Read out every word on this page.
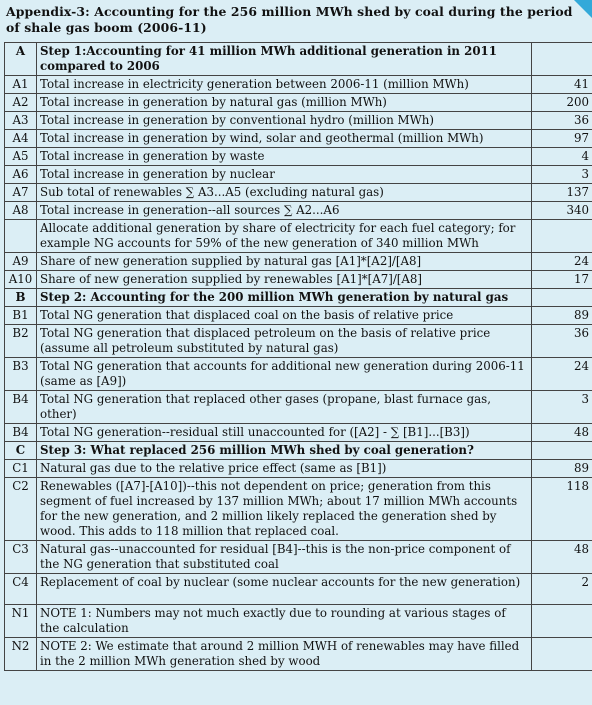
Appendix-3: Accounting for the 256 million MWh shed by coal during the period of shale gas boom (2006-11)
A	Step 1:Accounting for 41 million MWh additional generation in 2011 compared to 2006	
A1	Total increase in electricity generation between 2006-11 (million MWh)	41
A2	Total increase in generation by natural gas (million MWh)	200
A3	Total increase in generation by conventional hydro (million MWh)	36
A4	Total increase in generation by wind, solar and geothermal (million MWh)	97
A5	Total increase in generation by waste	4
A6	Total increase in generation by nuclear	3
A7	Sub total of renewables ∑ A3...A5 (excluding natural gas)	137
A8	Total increase in generation--all sources ∑ A2...A6	340
	Allocate additional generation by share of electricity for each fuel category; for example NG accounts for 59% of the new generation of 340 million MWh	
A9	Share of new generation supplied by natural gas [A1]*[A2]/[A8]	24
A10	Share of new generation supplied by renewables [A1]*[A7]/[A8]	17
B	Step 2: Accounting for the 200 million MWh generation by natural gas	
B1	Total NG generation that displaced coal on the basis of relative price	89
B2	Total NG generation that displaced petroleum on the basis of relative price (assume all petroleum substituted by natural gas)	36
B3	Total NG generation that accounts for additional new generation during 2006-11 (same as [A9])	24
B4	Total NG generation that replaced other gases (propane, blast furnace gas, other)	3
B4	Total NG generation--residual still unaccounted for ([A2] - ∑ [B1]...[B3])	48
C	Step 3: What replaced 256 million MWh shed by coal generation?	
C1	Natural gas due to the relative price effect (same as [B1])	89
C2	Renewables ([A7]-[A10])--this not dependent on price; generation from this segment of fuel increased by 137 million MWh; about 17 million MWh accounts for the new generation, and 2 million likely replaced the generation shed by wood. This adds to 118 million that replaced coal.	118
C3	Natural gas--unaccounted for residual [B4]--this is the non-price component of the NG generation that substituted coal	48
C4	Replacement of coal by nuclear (some nuclear accounts for the new generation)	2
N1	NOTE 1: Numbers may not much exactly due to rounding at various stages of the calculation	
N2	NOTE 2: We estimate that around 2 million MWH of renewables may have filled in the 2 million MWh generation shed by wood	
